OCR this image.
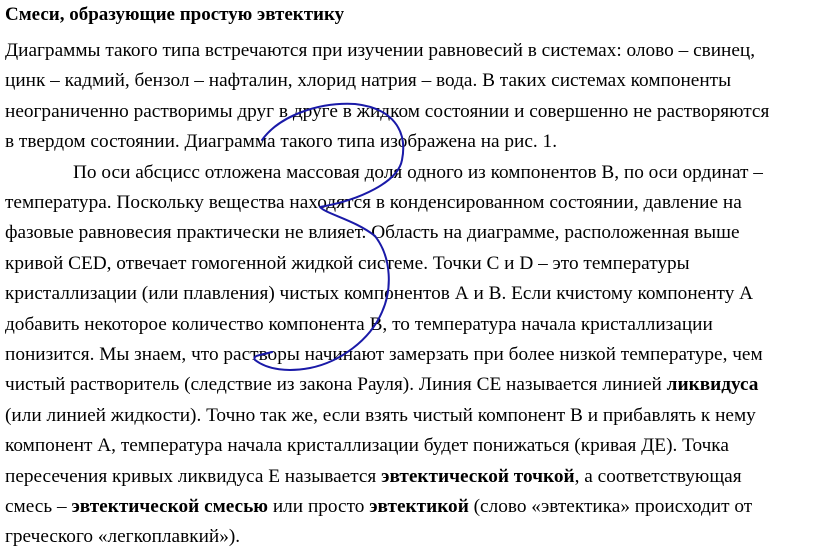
Смеси, образующие простую эвтектику
Диаграммы такого типа встречаются при изучении равновесий в системах: олово – свинец,
цинк – кадмий, бензол – нафталин, хлорид натрия – вода. В таких системах компоненты
неограниченно растворимы друг в друге в жидком состоянии и совершенно не растворяются
в твердом состоянии. Диаграмма такого типа изображена на рис. 1.
По оси абсцисс отложена массовая доля одного из компонентов В, по оси ординат –
температура. Поскольку вещества находятся в конденсированном состоянии, давление на
фазовые равновесия практически не влияет. Область на диаграмме, расположенная выше
кривой CED, отвечает гомогенной жидкой системе. Точки C и D – это температуры
кристаллизации (или плавления) чистых компонентов А и В. Если кчистому компоненту А
добавить некоторое количество компонента В, то температура начала кристаллизации
понизится. Мы знаем, что растворы начинают замерзать при более низкой температуре, чем
чистый растворитель (следствие из закона Рауля). Линия СЕ называется линией ликвидуса
(или линией жидкости). Точно так же, если взять чистый компонент В и прибавлять к нему
компонент А, температура начала кристаллизации будет понижаться (кривая ДЕ). Точка
пересечения кривых ликвидуса Е называется эвтектической точкой, а соответствующая
смесь – эвтектической смесью или просто эвтектикой (слово «эвтектика» происходит от
греческого «легкоплавкий»).
